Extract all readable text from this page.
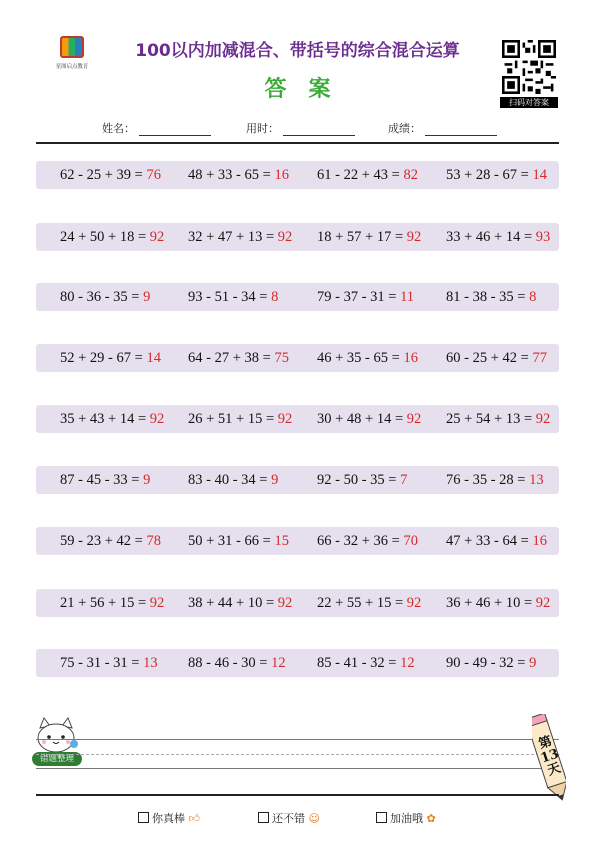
星图启点教育
100以内加减混合、带括号的综合混合运算
答案
扫码对答案
姓名：	用时：	成绩：
62 - 25 + 39 = 76 48 + 33 - 65 = 16 61 - 22 + 43 = 82 53 + 28 - 67 = 14
24 + 50 + 18 = 92 32 + 47 + 13 = 92 18 + 57 + 17 = 92 33 + 46 + 14 = 93
80 - 36 - 35 = 9	93 - 51 - 34 = 8	79 - 37 - 31 = 11 81 - 38 - 35 = 8
52 + 29 - 67 = 14 64 - 27 + 38 = 75 46 + 35 - 65 = 16 60 - 25 + 42 = 77
35 + 43 + 14 = 92 26 + 51 + 15 = 92 30 + 48 + 14 = 92 25 + 54 + 13 = 92
87 - 45 - 33 = 9	83 - 40 - 34 = 9	92 - 50 - 35 = 7	76 - 35 - 28 = 13
59 - 23 + 42 = 78 50 + 31 - 66 = 15 66 - 32 + 36 = 70 47 + 33 - 64 = 16
21 + 56 + 15 = 92 38 + 44 + 10 = 92 22 + 55 + 15 = 92 36 + 46 + 10 = 92
75 - 31 - 31 = 13 88 - 46 - 30 = 12 85 - 41 - 32 = 12 90 - 49 - 32 = 9
错题整理
第13天
你真棒 👍︎	还不错 ☺	加油哦 ✿
